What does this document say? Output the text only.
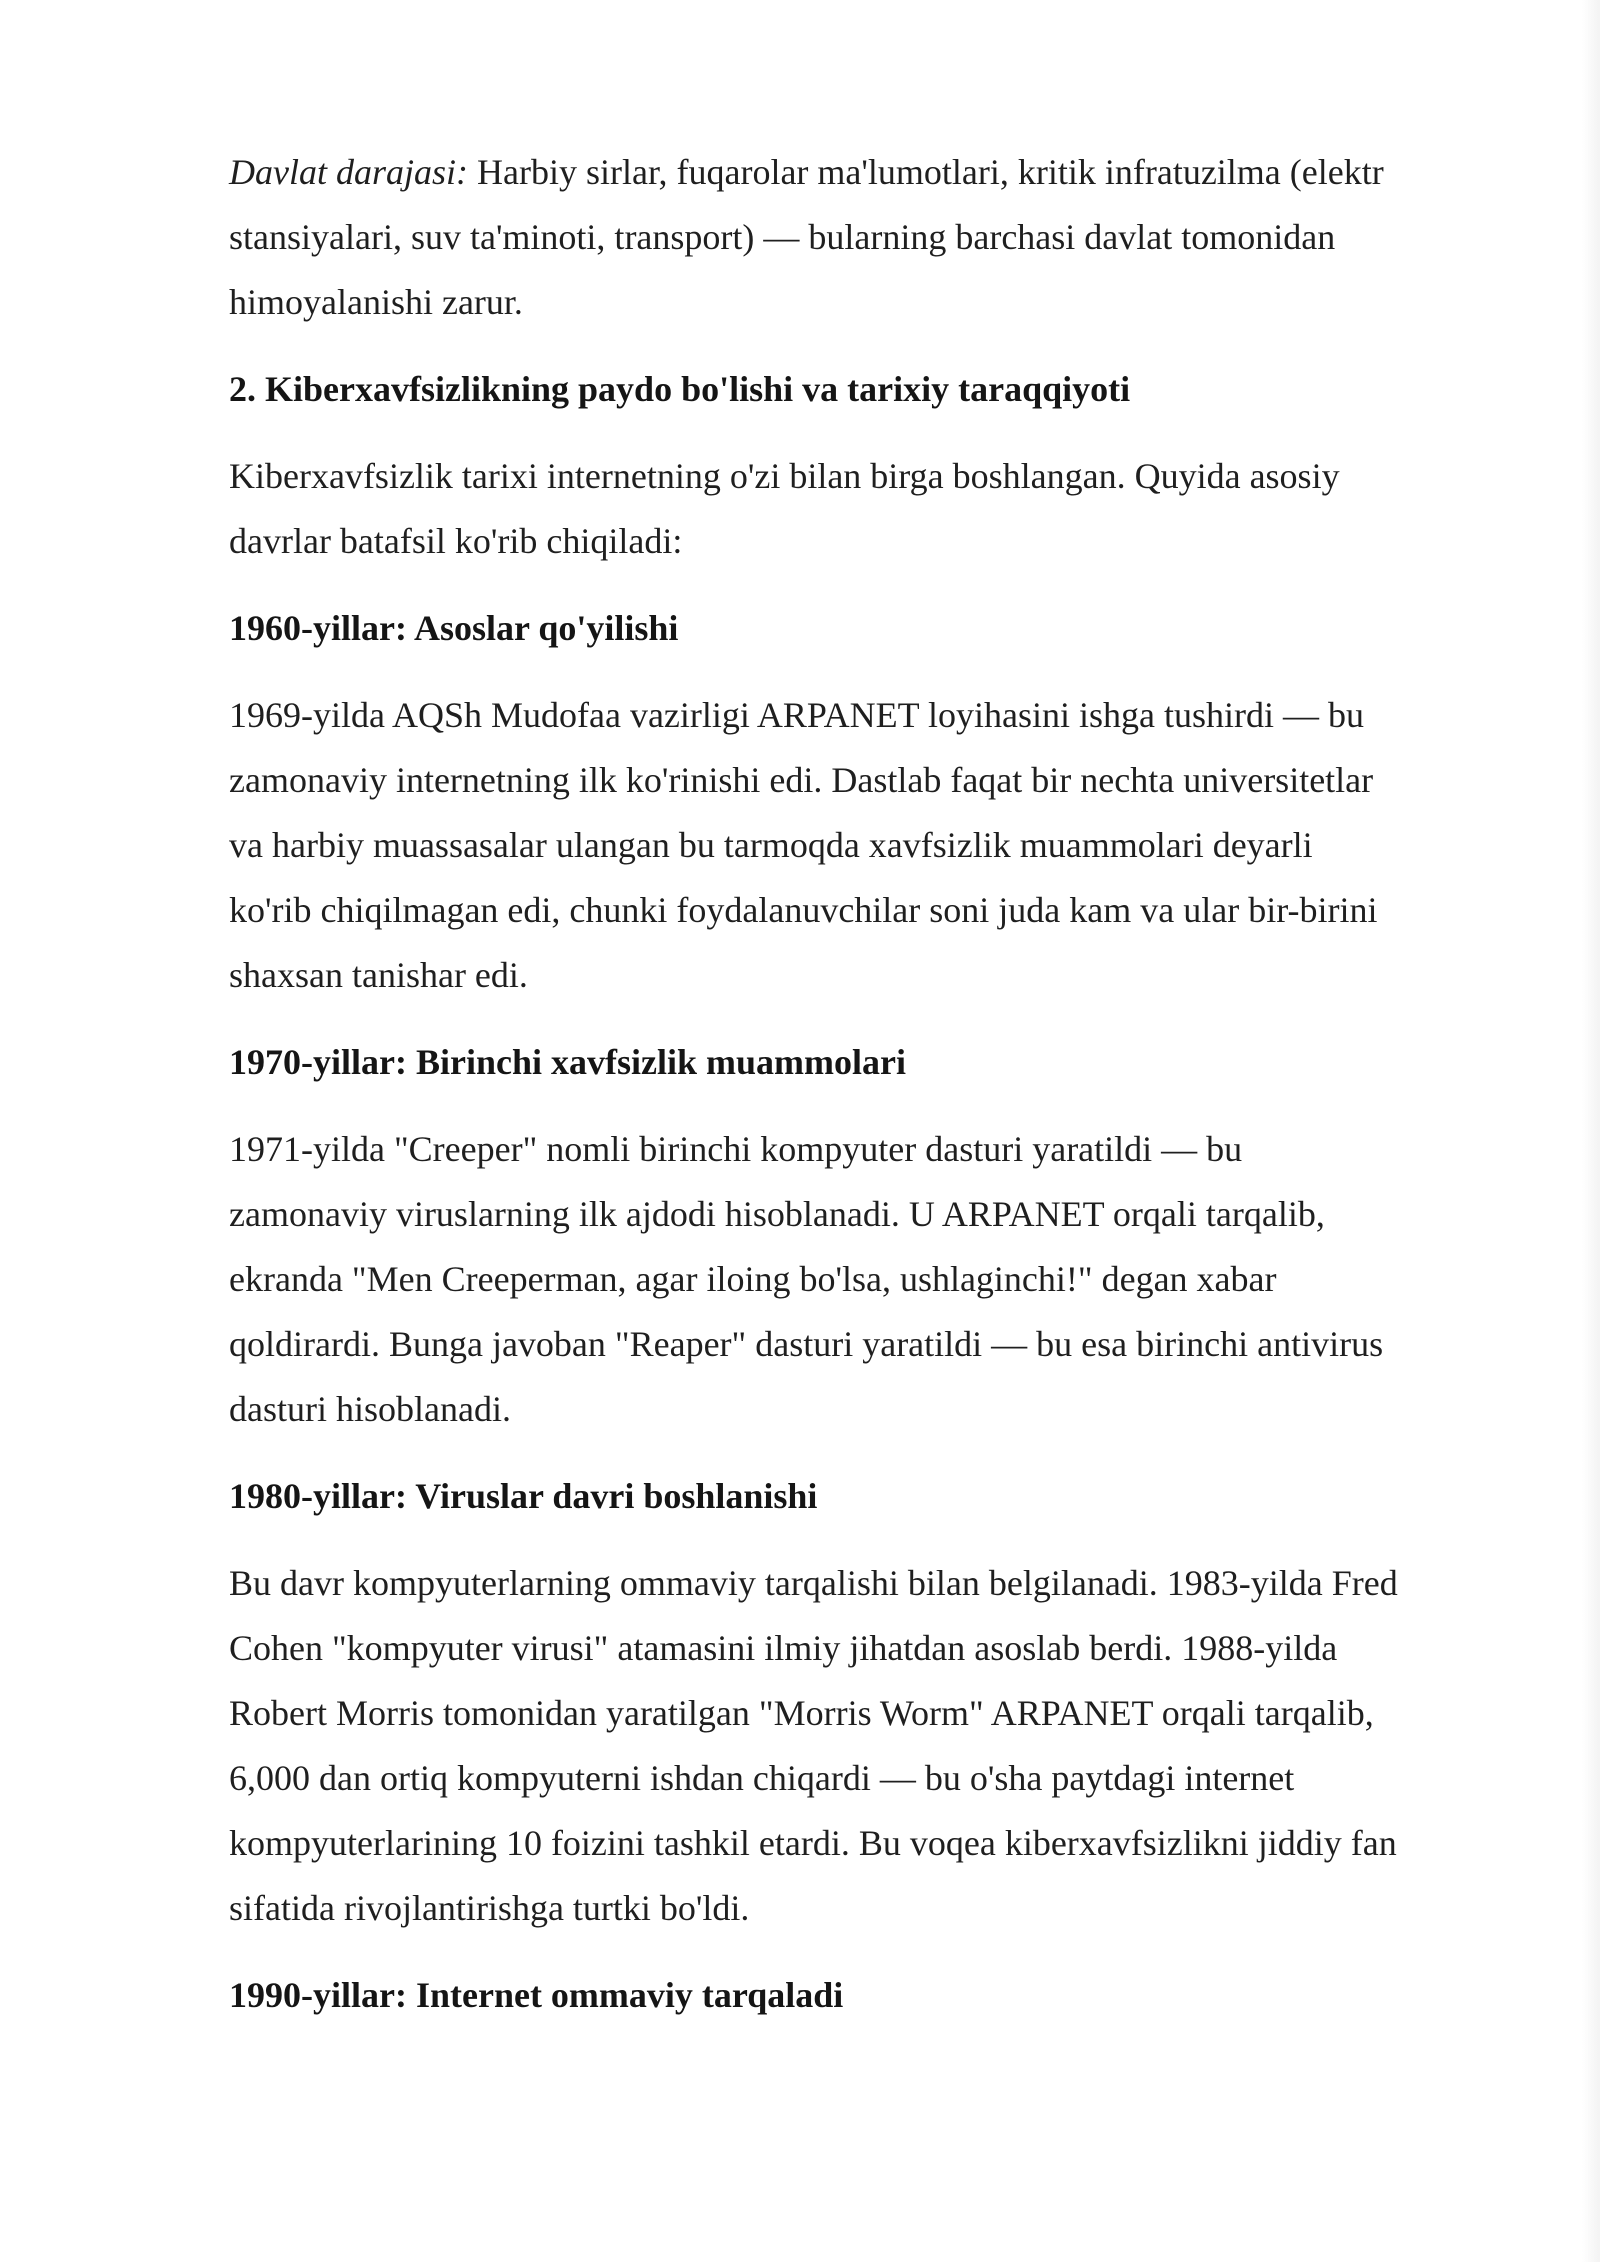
Davlat darajasi: Harbiy sirlar, fuqarolar ma'lumotlari, kritik infratuzilma (elektr stansiyalari, suv ta'minoti, transport) — bularning barchasi davlat tomonidan himoyalanishi zarur.

2. Kiberxavfsizlikning paydo bo'lishi va tarixiy taraqqiyoti

Kiberxavfsizlik tarixi internetning o'zi bilan birga boshlangan. Quyida asosiy davrlar batafsil ko'rib chiqiladi:

1960-yillar: Asoslar qo'yilishi

1969-yilda AQSh Mudofaa vazirligi ARPANET loyihasini ishga tushirdi — bu zamonaviy internetning ilk ko'rinishi edi. Dastlab faqat bir nechta universitetlar va harbiy muassasalar ulangan bu tarmoqda xavfsizlik muammolari deyarli ko'rib chiqilmagan edi, chunki foydalanuvchilar soni juda kam va ular bir-birini shaxsan tanishar edi.

1970-yillar: Birinchi xavfsizlik muammolari

1971-yilda "Creeper" nomli birinchi kompyuter dasturi yaratildi — bu zamonaviy viruslarning ilk ajdodi hisoblanadi. U ARPANET orqali tarqalib, ekranda "Men Creeperman, agar iloing bo'lsa, ushlaginchi!" degan xabar qoldirardi. Bunga javoban "Reaper" dasturi yaratildi — bu esa birinchi antivirus dasturi hisoblanadi.

1980-yillar: Viruslar davri boshlanishi

Bu davr kompyuterlarning ommaviy tarqalishi bilan belgilanadi. 1983-yilda Fred Cohen "kompyuter virusi" atamasini ilmiy jihatdan asoslab berdi. 1988-yilda Robert Morris tomonidan yaratilgan "Morris Worm" ARPANET orqali tarqalib, 6,000 dan ortiq kompyuterni ishdan chiqardi — bu o'sha paytdagi internet kompyuterlarining 10 foizini tashkil etardi. Bu voqea kiberxavfsizlikni jiddiy fan sifatida rivojlantirishga turtki bo'ldi.

1990-yillar: Internet ommaviy tarqaladi
